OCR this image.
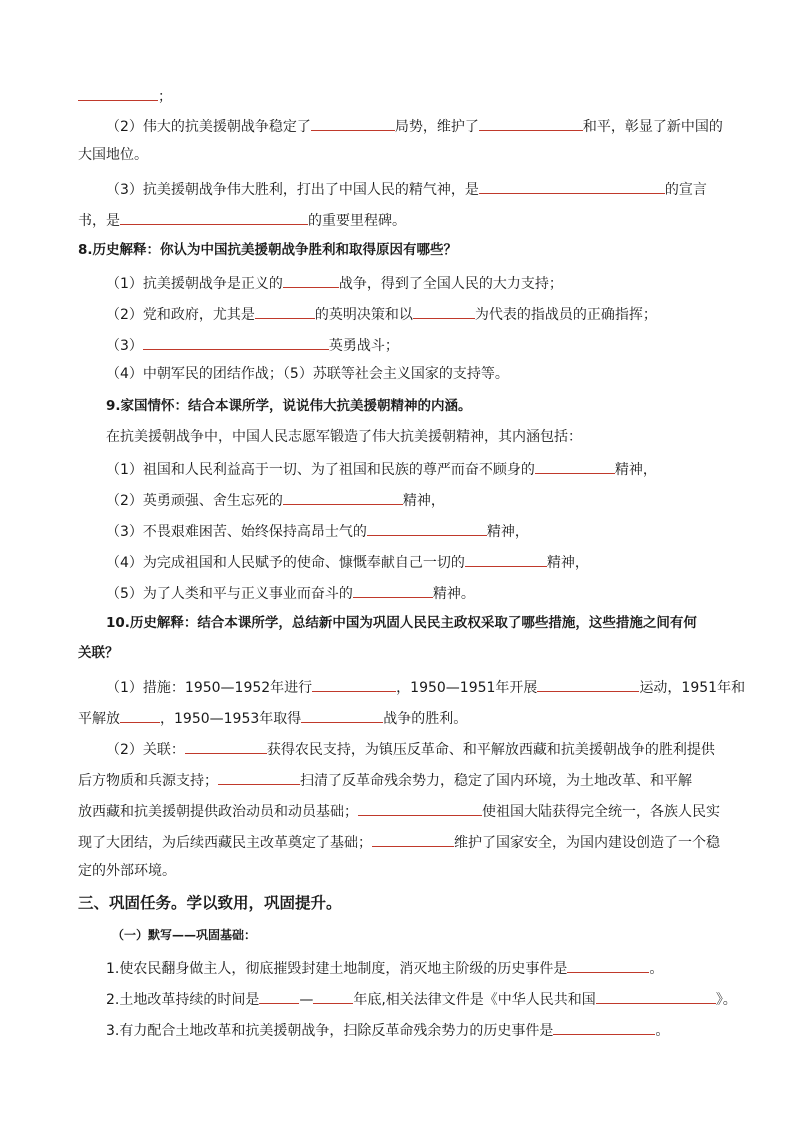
；
（2）伟大的抗美援朝战争稳定了	局势，维护了	和平，彰显了新中国的
大国地位。
（3）抗美援朝战争伟大胜利，打出了中国人民的精气神，是	的宣言
书，是	的重要里程碑。
8.历史解释：你认为中国抗美援朝战争胜利和取得原因有哪些？
（1）抗美援朝战争是正义的	战争，得到了全国人民的大力支持；
（2）党和政府，尤其是	的英明决策和以	为代表的指战员的正确指挥；
（3）	英勇战斗；
（4）中朝军民的团结作战；（5）苏联等社会主义国家的支持等。
9.家国情怀：结合本课所学，说说伟大抗美援朝精神的内涵。
在抗美援朝战争中，中国人民志愿军锻造了伟大抗美援朝精神，其内涵包括：
（1）祖国和人民利益高于一切、为了祖国和民族的尊严而奋不顾身的	精神，
（2）英勇顽强、舍生忘死的	精神，
（3）不畏艰难困苦、始终保持高昂士气的	精神，
（4）为完成祖国和人民赋予的使命、慷慨奉献自己一切的	精神，
（5）为了人类和平与正义事业而奋斗的	精神。
10.历史解释：结合本课所学，总结新中国为巩固人民民主政权采取了哪些措施，这些措施之间有何
关联？
（1）措施：1950—1952年进行	，1950—1951年开展	运动，1951年和
平解放	，1950—1953年取得	战争的胜利。
（2）关联：	获得农民支持，为镇压反革命、和平解放西藏和抗美援朝战争的胜利提供
后方物质和兵源支持；	扫清了反革命残余势力，稳定了国内环境，为土地改革、和平解
放西藏和抗美援朝提供政治动员和动员基础；	使祖国大陆获得完全统一，各族人民实
现了大团结，为后续西藏民主改革奠定了基础；	维护了国家安全，为国内建设创造了一个稳
定的外部环境。
三、巩固任务。学以致用，巩固提升。
（一）默写——巩固基础：
1.使农民翻身做主人，彻底摧毁封建土地制度，消灭地主阶级的历史事件是	。
2.土地改革持续的时间是	—	年底,相关法律文件是《中华人民共和国	》。
3.有力配合土地改革和抗美援朝战争，扫除反革命残余势力的历史事件是	。
